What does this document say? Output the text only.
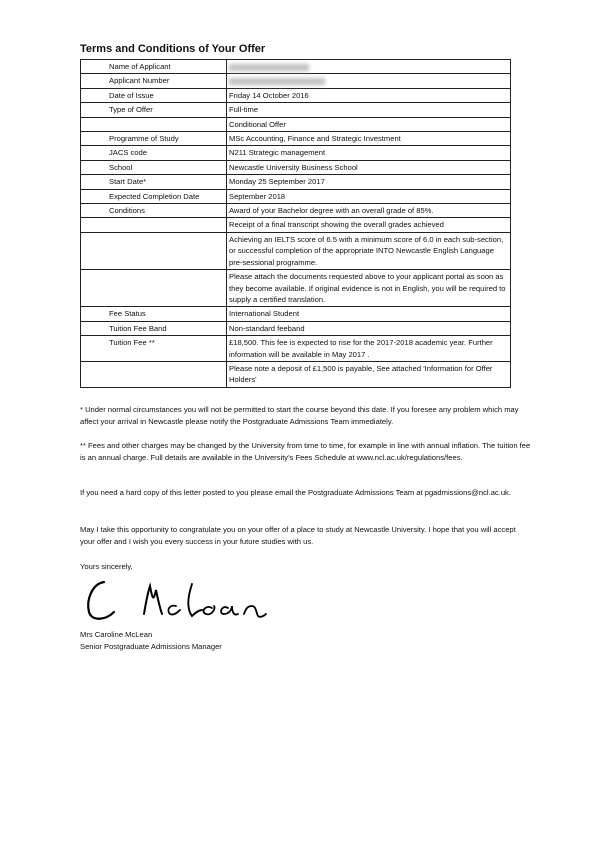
Terms and Conditions of Your Offer
Name of Applicant	
Applicant Number	
Date of Issue	Friday 14 October 2016
Type of Offer	Full-time
	Conditional Offer
Programme of Study	MSc Accounting, Finance and Strategic Investment
JACS code	N211 Strategic management
School	Newcastle University Business School
Start Date*	Monday 25 September 2017
Expected Completion Date	September 2018
Conditions	Award of your Bachelor degree with an overall grade of 85%.
	Receipt of a final transcript showing the overall grades achieved
	Achieving an IELTS score of 6.5 with a minimum score of 6.0 in each sub-section, or successful completion of the appropriate INTO Newcastle English Language pre-sessional programme.
	Please attach the documents requested above to your applicant portal as soon as they become available. If original evidence is not in English, you will be required to supply a certified translation.
Fee Status	International Student
Tuition Fee Band	Non-standard feeband
Tuition Fee **	£18,500. This fee is expected to rise for the 2017-2018 academic year. Further information will be available in May 2017 .
	Please note a deposit of £1,500 is payable, See attached 'Information for Offer Holders'

* Under normal circumstances you will not be permitted to start the course beyond this date. If you foresee any problem which may affect your arrival in Newcastle please notify the Postgraduate Admissions Team immediately.

** Fees and other charges may be changed by the University from time to time, for example in line with annual inflation. The tuition fee is an annual charge. Full details are available in the University's Fees Schedule at www.ncl.ac.uk/regulations/fees.

If you need a hard copy of this letter posted to you please email the Postgraduate Admissions Team at pgadmissions@ncl.ac.uk.

May I take this opportunity to congratulate you on your offer of a place to study at Newcastle University. I hope that you will accept your offer and I wish you every success in your future studies with us.

Yours sincerely,

Mrs Caroline McLean

Senior Postgraduate Admissions Manager
